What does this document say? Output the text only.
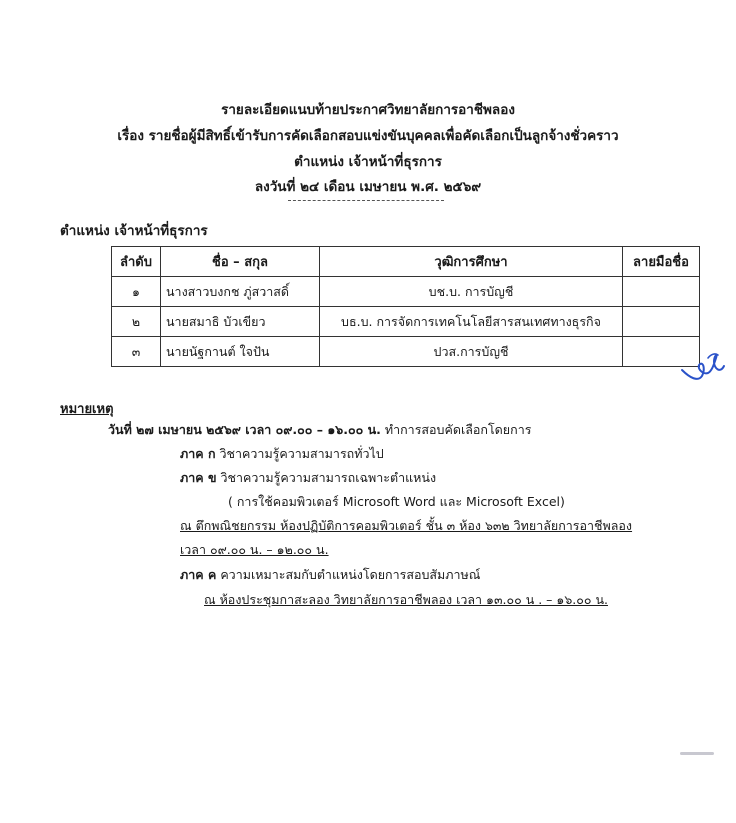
รายละเอียดแนบท้ายประกาศวิทยาลัยการอาชีพลอง
เรื่อง รายชื่อผู้มีสิทธิ์เข้ารับการคัดเลือกสอบแข่งขันบุคคลเพื่อคัดเลือกเป็นลูกจ้างชั่วคราว
ตำแหน่ง เจ้าหน้าที่ธุรการ
ลงวันที่ ๒๔ เดือน เมษายน พ.ศ. ๒๕๖๙
ตำแหน่ง เจ้าหน้าที่ธุรการ
ลำดับ	ชื่อ – สกุล	วุฒิการศึกษา	ลายมือชื่อ
๑	นางสาวบงกช ภู่สวาสดิ์	บช.บ. การบัญชี	
๒	นายสมาธิ บัวเขียว	บธ.บ. การจัดการเทคโนโลยีสารสนเทศทางธุรกิจ	
๓	นายนัฐกานต์ ใจปัน	ปวส.การบัญชี	
หมายเหตุ
วันที่ ๒๗ เมษายน ๒๕๖๙ เวลา ๐๙.๐๐ – ๑๖.๐๐ น. ทำการสอบคัดเลือกโดยการ
ภาค ก วิชาความรู้ความสามารถทั่วไป
ภาค ข วิชาความรู้ความสามารถเฉพาะตำแหน่ง
( การใช้คอมพิวเตอร์ Microsoft Word และ Microsoft Excel)
ณ ตึกพณิชยกรรม ห้องปฏิบัติการคอมพิวเตอร์ ชั้น ๓ ห้อง ๖๓๒ วิทยาลัยการอาชีพลอง
เวลา ๐๙.๐๐ น. – ๑๒.๐๐ น.
ภาค ค ความเหมาะสมกับตำแหน่งโดยการสอบสัมภาษณ์
ณ ห้องประชุมกาสะลอง วิทยาลัยการอาชีพลอง เวลา ๑๓.๐๐ น . – ๑๖.๐๐ น.
